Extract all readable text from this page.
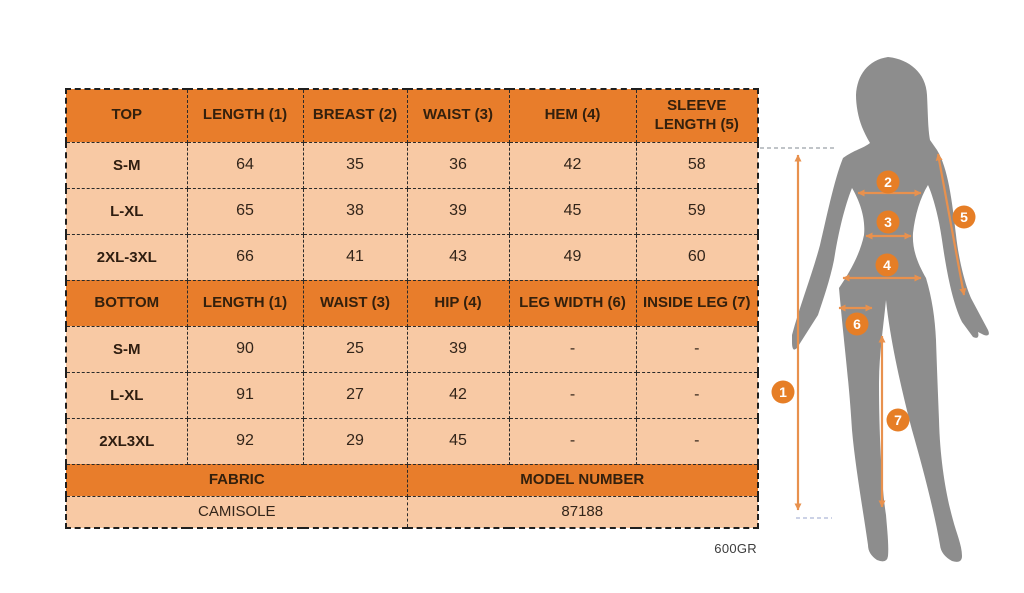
TOP	LENGTH (1)	BREAST (2)	WAIST (3)	HEM (4)	SLEEVE LENGTH (5)
S-M	64	35	36	42	58
L-XL	65	38	39	45	59
2XL-3XL	66	41	43	49	60
BOTTOM	LENGTH (1)	WAIST (3)	HIP (4)	LEG WIDTH (6)	INSIDE LEG (7)
S-M	90	25	39	-	-
L-XL	91	27	42	-	-
2XL3XL	92	29	45	-	-
FABRIC			MODEL NUMBER		
CAMISOLE			87188		
600GR
1
2
3
4
5
6
7
